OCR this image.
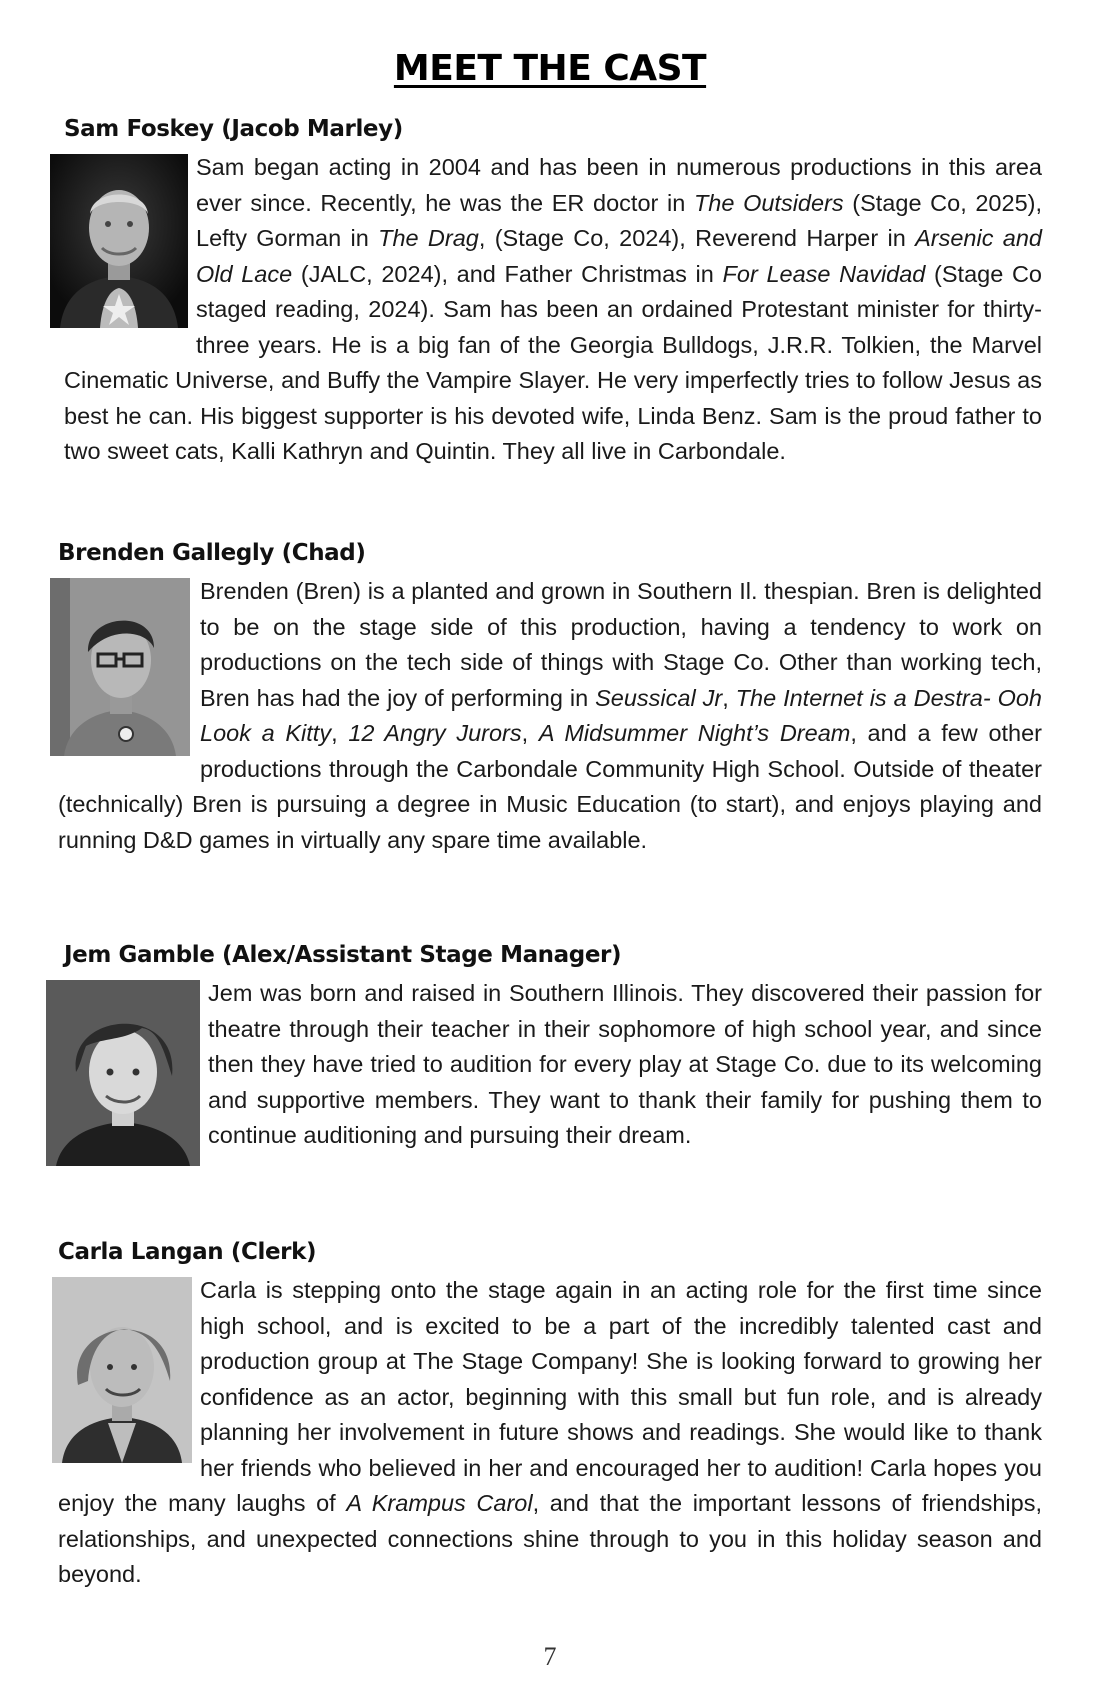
MEET THE CAST
Sam Foskey (Jacob Marley)
Sam began acting in 2004 and has been in numerous productions in this area ever since. Recently, he was the ER doctor in The Outsiders (Stage Co, 2025), Lefty Gorman in The Drag, (Stage Co, 2024), Reverend Harper in Arsenic and Old Lace (JALC, 2024), and Father Christmas in For Lease Navidad (Stage Co staged reading, 2024). Sam has been an ordained Protestant minister for thirty-three years. He is a big fan of the Georgia Bulldogs, J.R.R. Tolkien, the Marvel Cinematic Universe, and Buffy the Vampire Slayer. He very imperfectly tries to follow Jesus as best he can. His biggest supporter is his devoted wife, Linda Benz. Sam is the proud father to two sweet cats, Kalli Kathryn and Quintin. They all live in Carbondale.
Brenden Gallegly (Chad)
Brenden (Bren) is a planted and grown in Southern Il. thespian. Bren is delighted to be on the stage side of this production, having a tendency to work on productions on the tech side of things with Stage Co. Other than working tech, Bren has had the joy of performing in Seussical Jr, The Internet is a Destra- Ooh Look a Kitty, 12 Angry Jurors, A Midsummer Night’s Dream, and a few other productions through the Carbondale Community High School. Outside of theater (technically) Bren is pursuing a degree in Music Education (to start), and enjoys playing and running D&D games in virtually any spare time available.
Jem Gamble (Alex/Assistant Stage Manager)
Jem was born and raised in Southern Illinois. They discovered their passion for theatre through their teacher in their sophomore of high school year, and since then they have tried to audition for every play at Stage Co. due to its welcoming and supportive members. They want to thank their family for pushing them to continue auditioning and pursuing their dream.
Carla Langan (Clerk)
Carla is stepping onto the stage again in an acting role for the first time since high school, and is excited to be a part of the incredibly talented cast and production group at The Stage Company! She is looking forward to growing her confidence as an actor, beginning with this small but fun role, and is already planning her involvement in future shows and readings. She would like to thank her friends who believed in her and encouraged her to audition! Carla hopes you enjoy the many laughs of A Krampus Carol, and that the important lessons of friendships, relationships, and unexpected connections shine through to you in this holiday season and beyond.
7
